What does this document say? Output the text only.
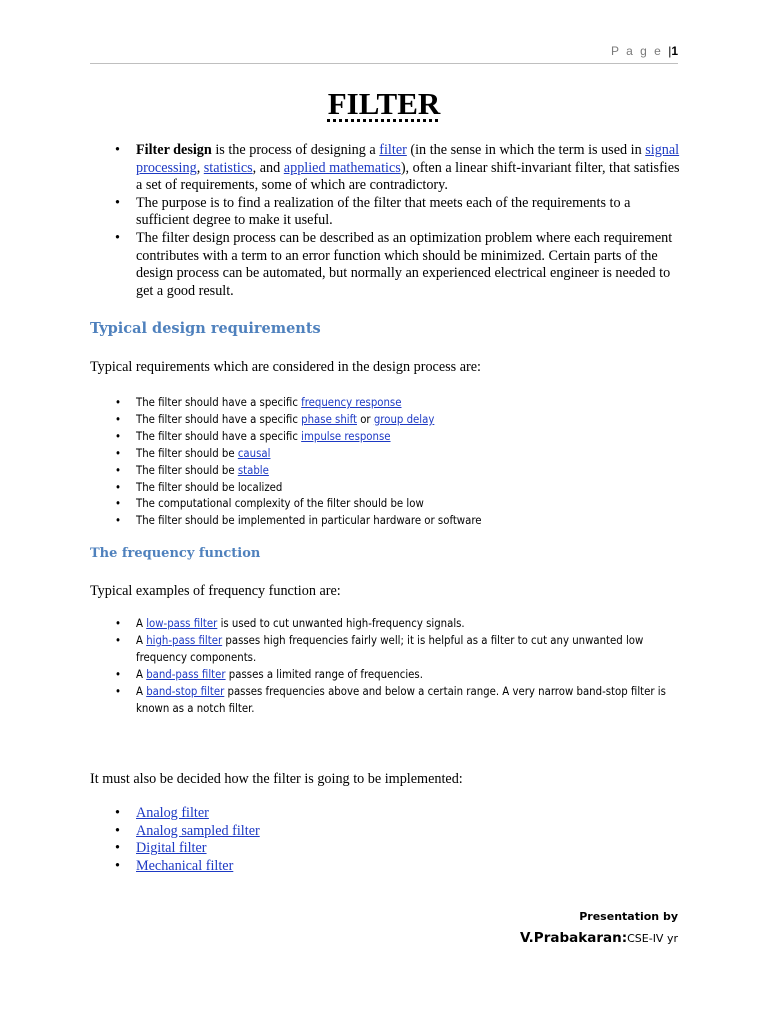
P a g e |1
FILTER
• Filter design is the process of designing a filter (in the sense in which the term is used in signal processing, statistics, and applied mathematics), often a linear shift-invariant filter, that satisfies a set of requirements, some of which are contradictory.
• The purpose is to find a realization of the filter that meets each of the requirements to a sufficient degree to make it useful.
• The filter design process can be described as an optimization problem where each requirement contributes with a term to an error function which should be minimized. Certain parts of the design process can be automated, but normally an experienced electrical engineer is needed to get a good result.
Typical design requirements
Typical requirements which are considered in the design process are:
• The filter should have a specific frequency response
• The filter should have a specific phase shift or group delay
• The filter should have a specific impulse response
• The filter should be causal
• The filter should be stable
• The filter should be localized
• The computational complexity of the filter should be low
• The filter should be implemented in particular hardware or software
The frequency function
Typical examples of frequency function are:
• A low-pass filter is used to cut unwanted high-frequency signals.
• A high-pass filter passes high frequencies fairly well; it is helpful as a filter to cut any unwanted low frequency components.
• A band-pass filter passes a limited range of frequencies.
• A band-stop filter passes frequencies above and below a certain range. A very narrow band-stop filter is known as a notch filter.
It must also be decided how the filter is going to be implemented:
• Analog filter
• Analog sampled filter
• Digital filter
• Mechanical filter
Presentation by
V.Prabakaran:CSE-IV yr
